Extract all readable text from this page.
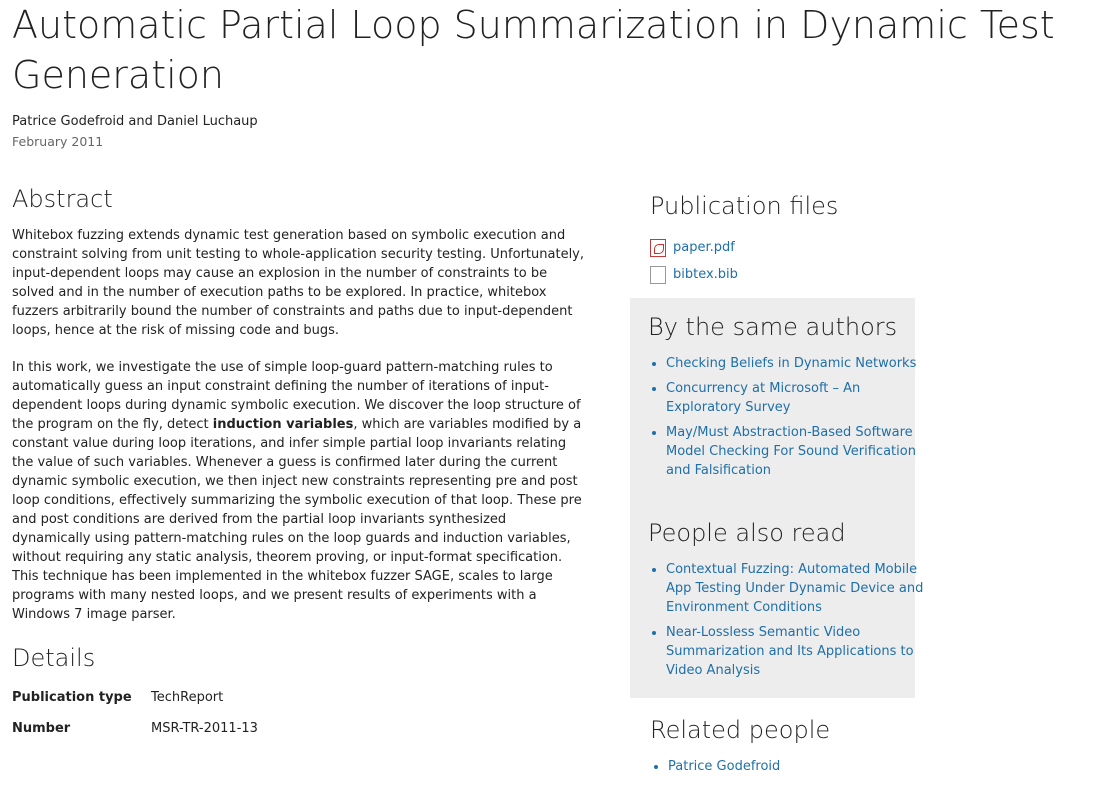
Automatic Partial Loop Summarization in Dynamic Test
Generation
Patrice Godefroid and Daniel Luchaup
February 2011
Abstract

Whitebox fuzzing extends dynamic test generation based on symbolic execution and constraint solving from unit testing to whole-application security testing. Unfortunately, input-dependent loops may cause an explosion in the number of constraints to be solved and in the number of execution paths to be explored. In practice, whitebox fuzzers arbitrarily bound the number of constraints and paths due to input-dependent loops, hence at the risk of missing code and bugs.

In this work, we investigate the use of simple loop-guard pattern-matching rules to automatically guess an input constraint defining the number of iterations of input-dependent loops during dynamic symbolic execution. We discover the loop structure of the program on the fly, detect induction variables, which are variables modified by a constant value during loop iterations, and infer simple partial loop invariants relating the value of such variables. Whenever a guess is confirmed later during the current dynamic symbolic execution, we then inject new constraints representing pre and post loop conditions, effectively summarizing the symbolic execution of that loop. These pre and post conditions are derived from the partial loop invariants synthesized dynamically using pattern-matching rules on the loop guards and induction variables, without requiring any static analysis, theorem proving, or input-format specification. This technique has been implemented in the whitebox fuzzer SAGE, scales to large programs with many nested loops, and we present results of experiments with a Windows 7 image parser.

Details
Publication type	TechReport
Number	MSR-TR-2011-13
Publication files
paper.pdf
bibtex.bib
By the same authors
• Checking Beliefs in Dynamic Networks
• Concurrency at Microsoft – An Exploratory Survey
• May/Must Abstraction-Based Software Model Checking For Sound Verification and Falsification
People also read
• Contextual Fuzzing: Automated Mobile App Testing Under Dynamic Device and Environment Conditions
• Near-Lossless Semantic Video Summarization and Its Applications to Video Analysis
Related people
• Patrice Godefroid
